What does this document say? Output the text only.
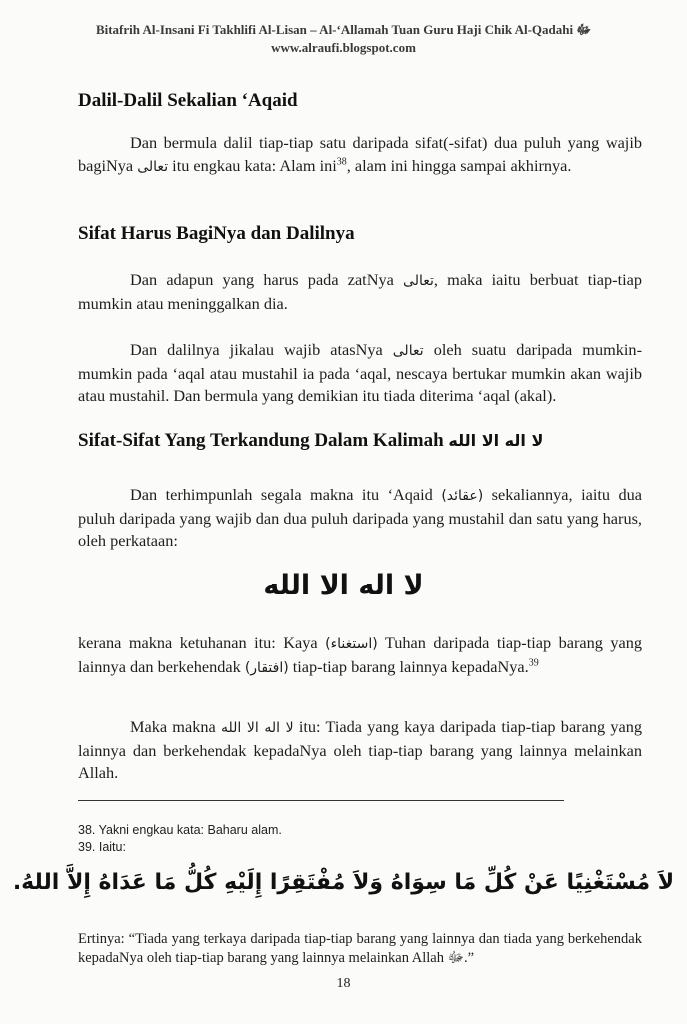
Bitafrih Al-Insani Fi Takhlifi Al-Lisan – Al-‘Allamah Tuan Guru Haji Chik Al-Qadahi ﷻ
www.alraufi.blogspot.com
Dalil-Dalil Sekalian ‘Aqaid

Dan bermula dalil tiap-tiap satu daripada sifat(-sifat) dua puluh yang wajib bagiNya تعالى itu engkau kata: Alam ini$^{38}$, alam ini hingga sampai akhirnya.

Sifat Harus BagiNya dan Dalilnya

Dan adapun yang harus pada zatNya تعالى, maka iaitu berbuat tiap-tiap mumkin atau meninggalkan dia.

Dan dalilnya jikalau wajib atasNya تعالى oleh suatu daripada mumkin-mumkin pada ‘aqal atau mustahil ia pada ‘aqal, nescaya bertukar mumkin akan wajib atau mustahil. Dan bermula yang demikian itu tiada diterima ‘aqal (akal).

Sifat-Sifat Yang Terkandung Dalam Kalimah لا اله الا الله

Dan terhimpunlah segala makna itu ‘Aqaid (عقائد) sekaliannya, iaitu dua puluh daripada yang wajib dan dua puluh daripada yang mustahil dan satu yang harus, oleh perkataan:

لا اله الا الله

kerana makna ketuhanan itu: Kaya (استغناء) Tuhan daripada tiap-tiap barang yang lainnya dan berkehendak (افتقار) tiap-tiap barang lainnya kepadaNya.$^{39}$

Maka makna لا اله الا الله itu: Tiada yang kaya daripada tiap-tiap barang yang lainnya dan berkehendak kepadaNya oleh tiap-tiap barang yang lainnya melainkan Allah.

38. Yakni engkau kata: Baharu alam.
39. Iaitu:
لاَ مُسْتَغْنِيًا عَنْ كُلِّ مَا سِوَاهُ وَلاَ مُفْتَقِرًا إِلَيْهِ كُلُّ مَا عَدَاهُ إِلاَّ اللهُ.
Ertinya: “Tiada yang terkaya daripada tiap-tiap barang yang lainnya dan tiada yang berkehendak kepadaNya oleh tiap-tiap barang yang lainnya melainkan Allah ﷻ.”
18
